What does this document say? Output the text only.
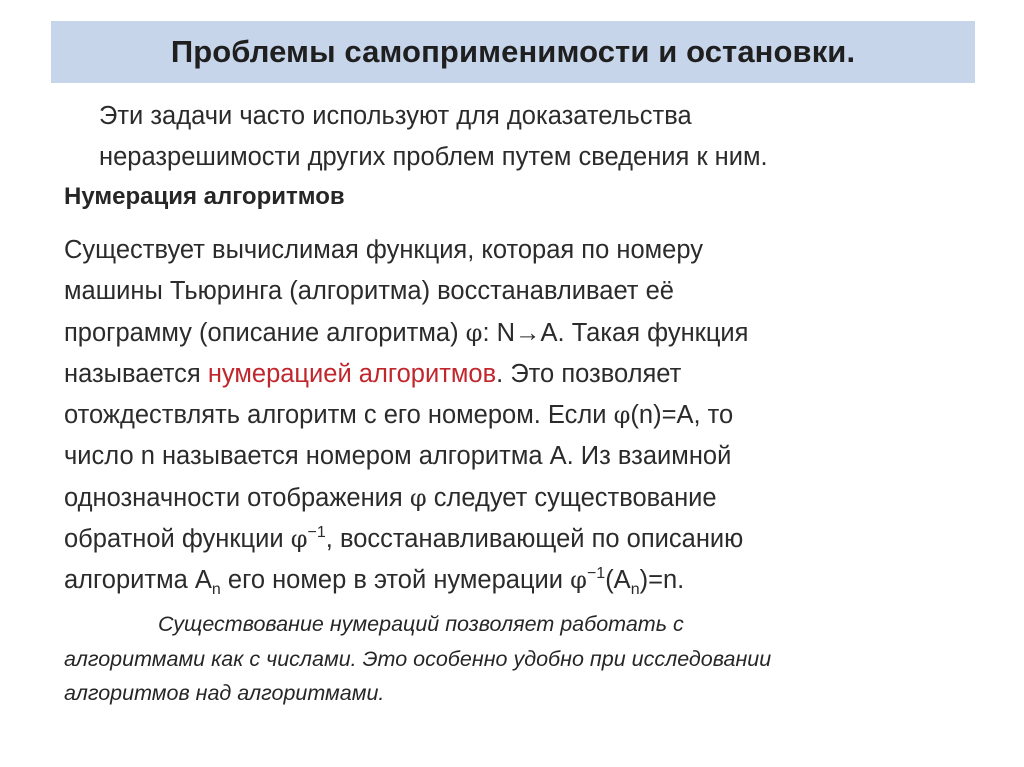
Проблемы самоприменимости и остановки.

Эти задачи часто используют для доказательства

неразрешимости других проблем путем сведения к ним.

Нумерация алгоритмов

Существует вычислимая функция, которая по номеру

машины Тьюринга (алгоритма) восстанавливает её

программу (описание алгоритма) φ: N→A. Такая функция

называется нумерацией алгоритмов. Это позволяет

отождествлять алгоритм с его номером. Если φ(n)=A, то

число n называется номером алгоритма A. Из взаимной

однозначности отображения φ следует существование

обратной функции $\varphi^{-1}$, восстанавливающей по описанию

алгоритма $A_n$ его номер в этой нумерации $\varphi^{-1}(A_n)=n$.

Существование нумераций позволяет работать с

алгоритмами как с числами. Это особенно удобно при исследовании

алгоритмов над алгоритмами.
